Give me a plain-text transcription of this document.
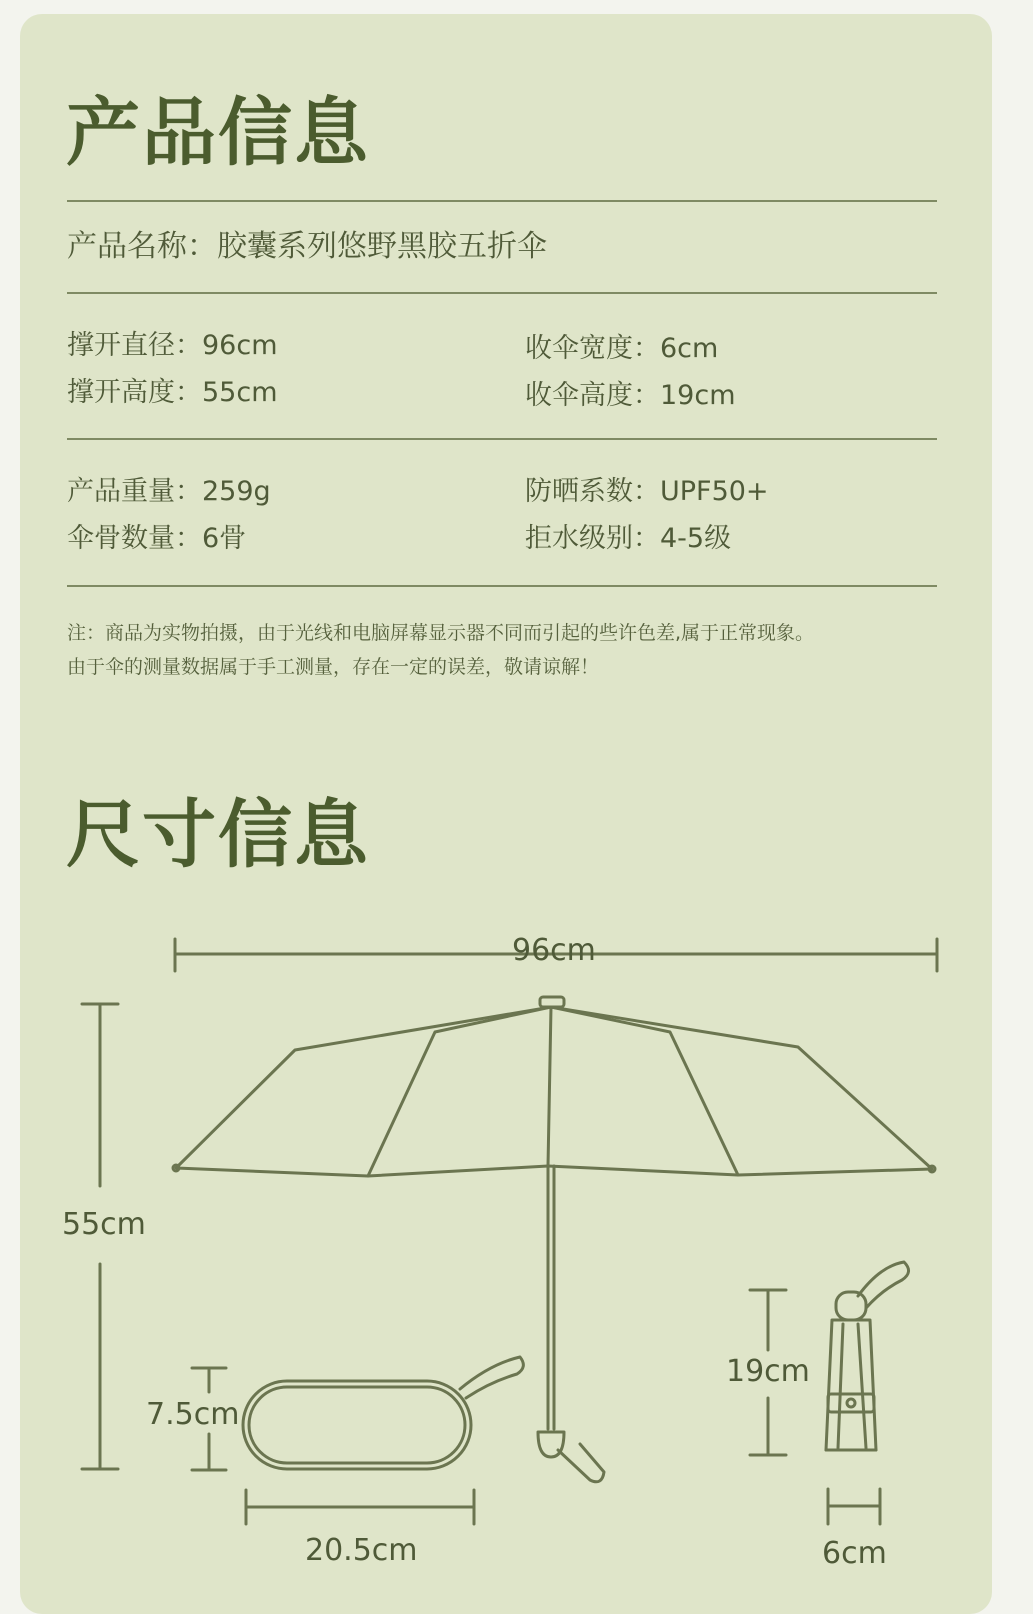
产品信息
产品名称：胶囊系列悠野黑胶五折伞
撑开直径：96cm	收伞宽度：6cm
撑开高度：55cm	收伞高度：19cm
产品重量：259g	防晒系数：UPF50+
伞骨数量：6骨	拒水级别：4-5级
注：商品为实物拍摄，由于光线和电脑屏幕显示器不同而引起的些许色差,属于正常现象。
由于伞的测量数据属于手工测量，存在一定的误差，敬请谅解！
尺寸信息
96cm
55cm
7.5cm
20.5cm
19cm
6cm
